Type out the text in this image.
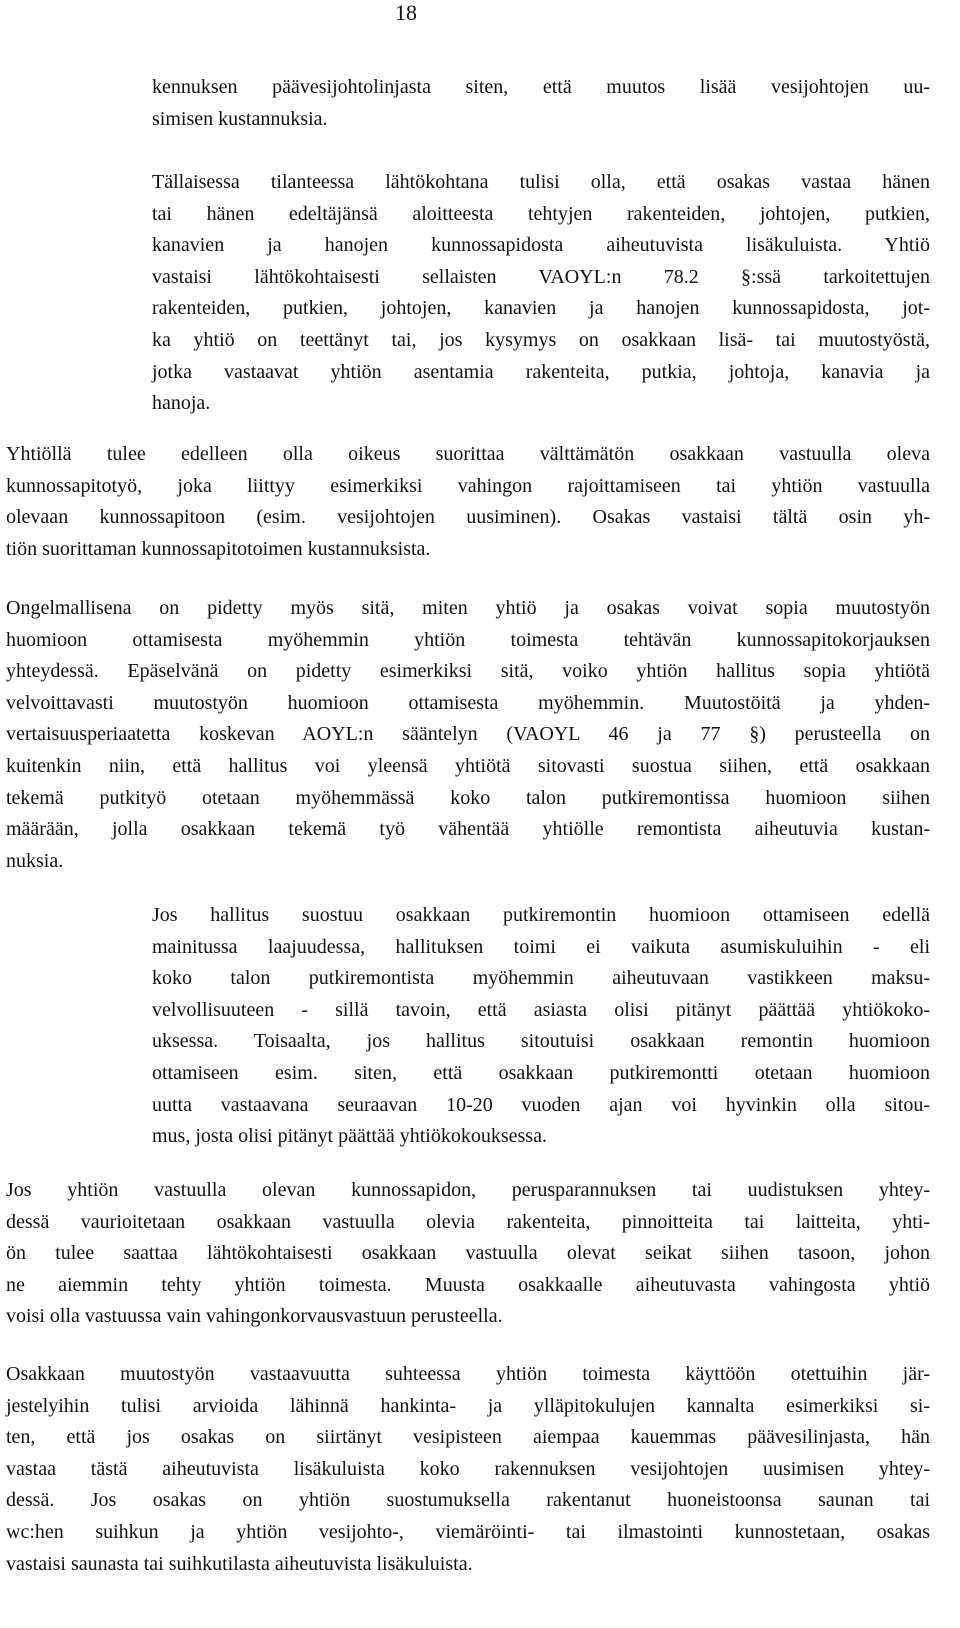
18
kennuksen päävesijohtolinjasta siten, että muutos lisää vesijohtojen uu-
simisen kustannuksia.
Tällaisessa tilanteessa lähtökohtana tulisi olla, että osakas vastaa hänen
tai hänen edeltäjänsä aloitteesta tehtyjen rakenteiden, johtojen, putkien,
kanavien ja hanojen kunnossapidosta aiheutuvista lisäkuluista. Yhtiö
vastaisi lähtökohtaisesti sellaisten VAOYL:n 78.2 §:ssä tarkoitettujen
rakenteiden, putkien, johtojen, kanavien ja hanojen kunnossapidosta, jot-
ka yhtiö on teettänyt tai, jos kysymys on osakkaan lisä- tai muutostyöstä,
jotka vastaavat yhtiön asentamia rakenteita, putkia, johtoja, kanavia ja
hanoja.
Yhtiöllä tulee edelleen olla oikeus suorittaa välttämätön osakkaan vastuulla oleva
kunnossapitotyö, joka liittyy esimerkiksi vahingon rajoittamiseen tai yhtiön vastuulla
olevaan kunnossapitoon (esim. vesijohtojen uusiminen). Osakas vastaisi tältä osin yh-
tiön suorittaman kunnossapitotoimen kustannuksista.
Ongelmallisena on pidetty myös sitä, miten yhtiö ja osakas voivat sopia muutostyön
huomioon ottamisesta myöhemmin yhtiön toimesta tehtävän kunnossapitokorjauksen
yhteydessä. Epäselvänä on pidetty esimerkiksi sitä, voiko yhtiön hallitus sopia yhtiötä
velvoittavasti muutostyön huomioon ottamisesta myöhemmin. Muutostöitä ja yhden-
vertaisuusperiaatetta koskevan AOYL:n sääntelyn (VAOYL 46 ja 77 §) perusteella on
kuitenkin niin, että hallitus voi yleensä yhtiötä sitovasti suostua siihen, että osakkaan
tekemä putkityö otetaan myöhemmässä koko talon putkiremontissa huomioon siihen
määrään, jolla osakkaan tekemä työ vähentää yhtiölle remontista aiheutuvia kustan-
nuksia.
Jos hallitus suostuu osakkaan putkiremontin huomioon ottamiseen edellä
mainitussa laajuudessa, hallituksen toimi ei vaikuta asumiskuluihin - eli
koko talon putkiremontista myöhemmin aiheutuvaan vastikkeen maksu-
velvollisuuteen - sillä tavoin, että asiasta olisi pitänyt päättää yhtiökoko-
uksessa. Toisaalta, jos hallitus sitoutuisi osakkaan remontin huomioon
ottamiseen esim. siten, että osakkaan putkiremontti otetaan huomioon
uutta vastaavana seuraavan 10-20 vuoden ajan voi hyvinkin olla sitou-
mus, josta olisi pitänyt päättää yhtiökokouksessa.
Jos yhtiön vastuulla olevan kunnossapidon, perusparannuksen tai uudistuksen yhtey-
dessä vaurioitetaan osakkaan vastuulla olevia rakenteita, pinnoitteita tai laitteita, yhti-
ön tulee saattaa lähtökohtaisesti osakkaan vastuulla olevat seikat siihen tasoon, johon
ne aiemmin tehty yhtiön toimesta. Muusta osakkaalle aiheutuvasta vahingosta yhtiö
voisi olla vastuussa vain vahingonkorvausvastuun perusteella.
Osakkaan muutostyön vastaavuutta suhteessa yhtiön toimesta käyttöön otettuihin jär-
jestelyihin tulisi arvioida lähinnä hankinta- ja ylläpitokulujen kannalta esimerkiksi si-
ten, että jos osakas on siirtänyt vesipisteen aiempaa kauemmas päävesilinjasta, hän
vastaa tästä aiheutuvista lisäkuluista koko rakennuksen vesijohtojen uusimisen yhtey-
dessä. Jos osakas on yhtiön suostumuksella rakentanut huoneistoonsa saunan tai
wc:hen suihkun ja yhtiön vesijohto-, viemäröinti- tai ilmastointi kunnostetaan, osakas
vastaisi saunasta tai suihkutilasta aiheutuvista lisäkuluista.
